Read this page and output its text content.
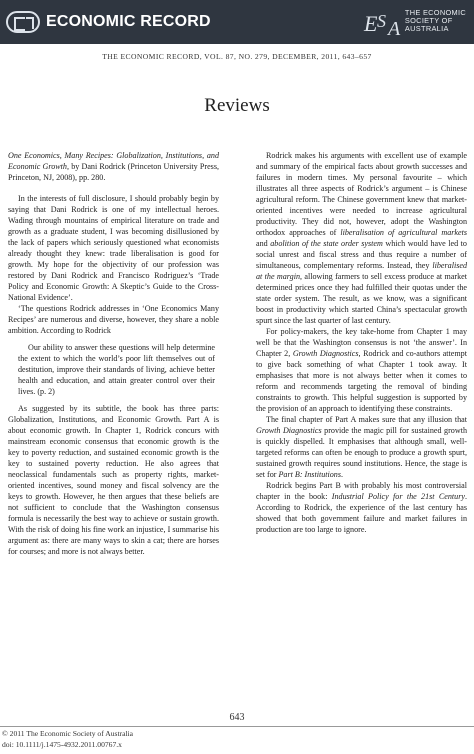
ECONOMIC RECORD	E S A
THE ECONOMIC
SOCIETY OF
AUSTRALIA
THE ECONOMIC RECORD, VOL. 87, NO. 279, DECEMBER, 2011, 643–657
Reviews

One Economics, Many Recipes: Globalization, Institutions, and Economic Growth, by Dani Rodrick (Princeton University Press, Princeton, NJ, 2008), pp. 280.

In the interests of full disclosure, I should probably begin by saying that Dani Rodrick is one of my intellectual heroes. Wading through mountains of empirical literature on trade and growth as a graduate student, I was becoming disillusioned by the lack of papers which seriously questioned what economists already thought they knew: trade liberalisation is good for growth. My hope for the objectivity of our profession was restored by Dani Rodrick and Francisco Rodriguez’s ‘Trade Policy and Economic Growth: A Skeptic’s Guide to the Cross-National Evidence’.

‘The questions Rodrick addresses in ‘One Economics Many Recipes’ are numerous and diverse, however, they share a noble ambition. According to Rodrick

Our ability to answer these questions will help determine the extent to which the world’s poor lift themselves out of destitution, improve their standards of living, achieve better health and education, and attain greater control over their lives. (p. 2)

As suggested by its subtitle, the book has three parts: Globalization, Institutions, and Economic Growth. Part A is about economic growth. In Chapter 1, Rodrick concurs with mainstream economic consensus that economic growth is the key to poverty reduction, and sustained economic growth is the key to sustained poverty reduction. He also agrees that neoclassical fundamentals such as property rights, market-oriented incentives, sound money and fiscal solvency are the keys to growth. However, he then argues that these beliefs are not sufficient to conclude that the Washington consensus formula is necessarily the best way to achieve or sustain growth. With the risk of doing his fine work an injustice, I summarise his argument as: there are many ways to skin a cat; there are horses for courses; and more is not always better.

Rodrick makes his arguments with excellent use of example and summary of the empirical facts about growth successes and failures in modern times. My personal favourite – which illustrates all three aspects of Rodrick’s argument – is Chinese agricultural reform. The Chinese government knew that market-oriented incentives were needed to increase agricultural productivity. They did not, however, adopt the Washington orthodox approaches of liberalisation of agricultural markets and abolition of the state order system which would have led to social unrest and fiscal stress and thus require a number of simultaneous, complementary reforms. Instead, they liberalised at the margin, allowing farmers to sell excess produce at market determined prices once they had fulfilled their quotas under the state order system. The result, as we know, was a significant boost in productivity which started China’s spectacular growth spurt since the last quarter of last century.

For policy-makers, the key take-home from Chapter 1 may well be that the Washington consensus is not ‘the answer’. In Chapter 2, Growth Diagnostics, Rodrick and co-authors attempt to give back something of what Chapter 1 took away. It emphasises that more is not always better when it comes to reform and recommends targeting the removal of binding constraints to growth. This helpful suggestion is supported by the provision of an approach to identifying these constraints.

The final chapter of Part A makes sure that any illusion that Growth Diagnostics provide the magic pill for sustained growth is quickly dispelled. It emphasises that although small, well-targeted reforms can often be enough to produce a growth spurt, sustained growth requires sound institutions. Hence, the stage is set for Part B: Institutions.

Rodrick begins Part B with probably his most controversial chapter in the book: Industrial Policy for the 21st Century. According to Rodrick, the experience of the last century has showed that both government failure and market failures in production are too large to ignore.

643
© 2011 The Economic Society of Australia
doi: 10.1111/j.1475-4932.2011.00767.x
